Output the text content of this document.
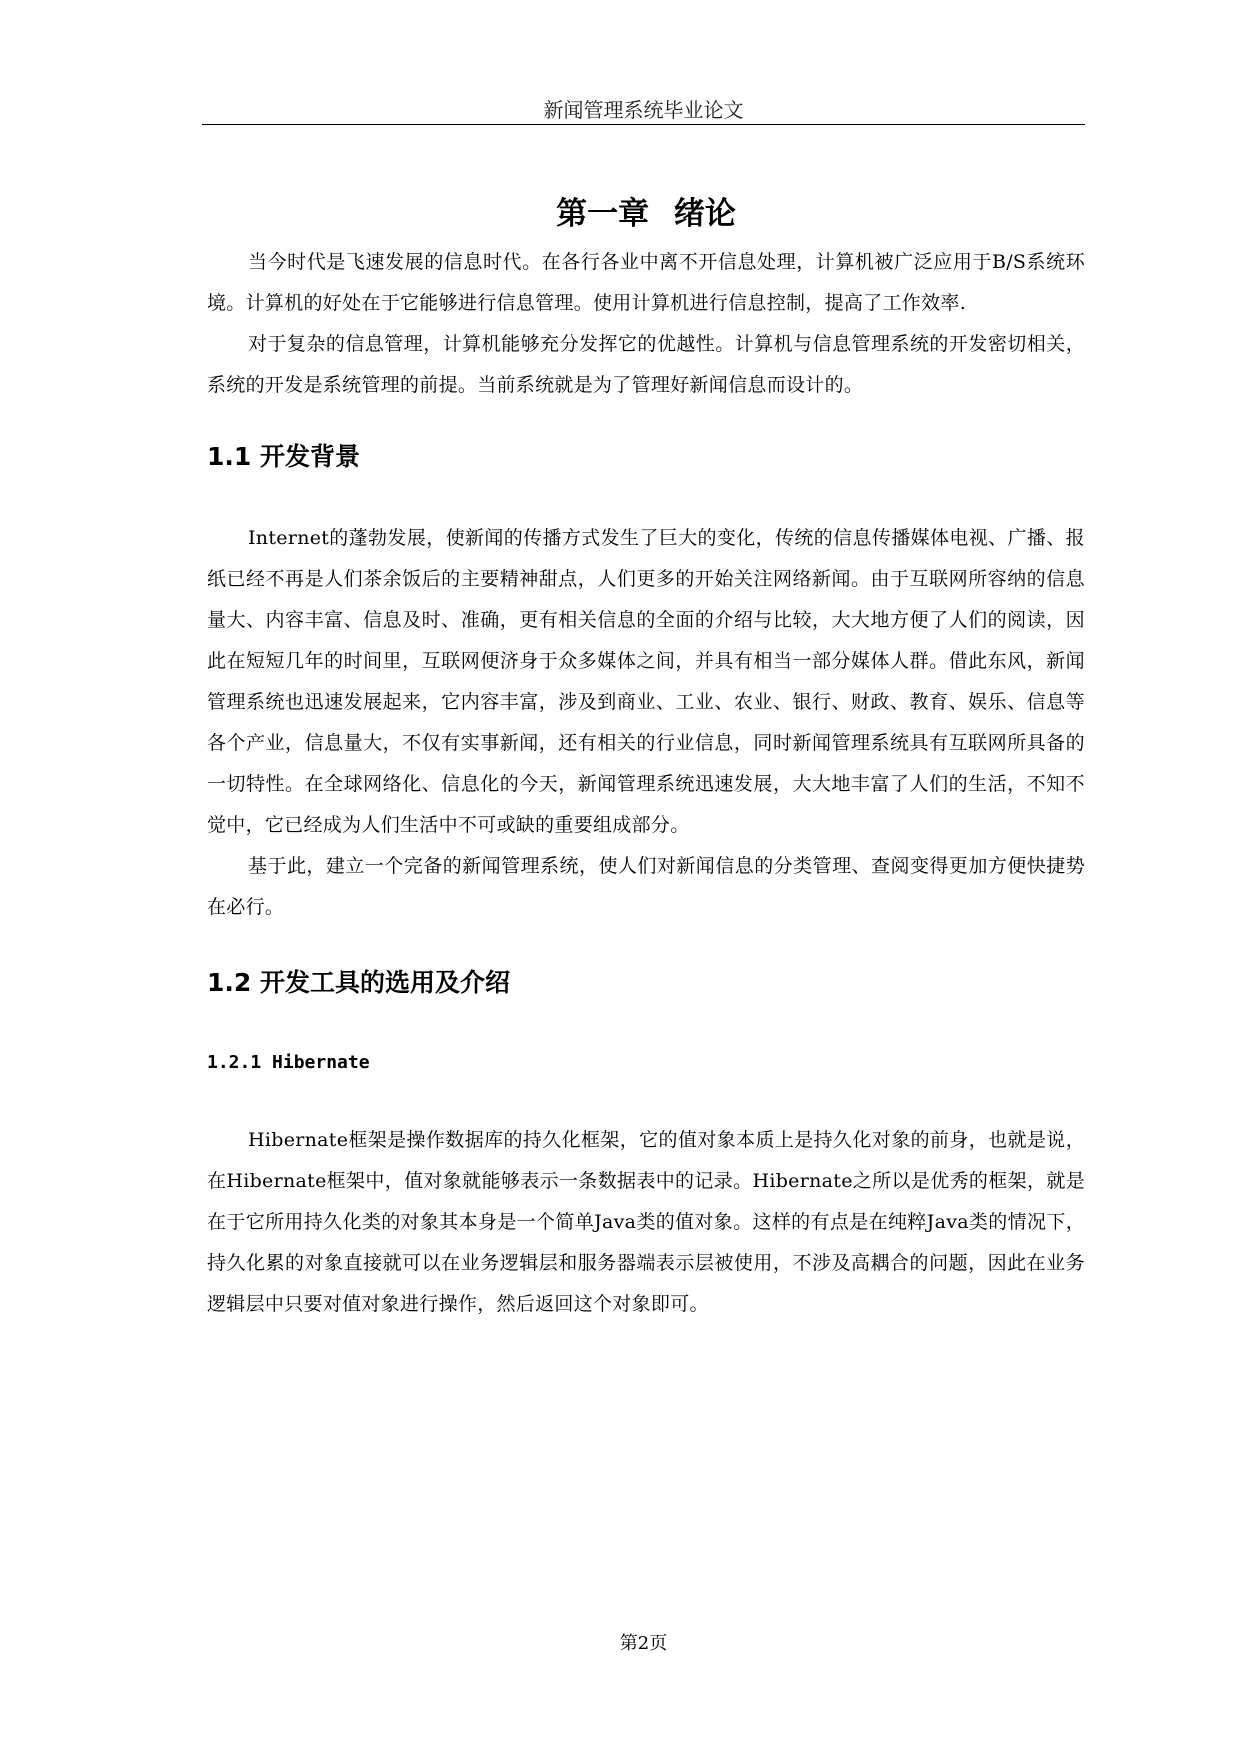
新闻管理系统毕业论文
第一章 绪论

当今时代是飞速发展的信息时代。在各行各业中离不开信息处理，计算机被广泛应用于B/S系统环境。计算机的好处在于它能够进行信息管理。使用计算机进行信息控制，提高了工作效率.

对于复杂的信息管理，计算机能够充分发挥它的优越性。计算机与信息管理系统的开发密切相关，系统的开发是系统管理的前提。当前系统就是为了管理好新闻信息而设计的。

1.1 开发背景

Internet的蓬勃发展，使新闻的传播方式发生了巨大的变化，传统的信息传播媒体电视、广播、报纸已经不再是人们茶余饭后的主要精神甜点，人们更多的开始关注网络新闻。由于互联网所容纳的信息量大、内容丰富、信息及时、准确，更有相关信息的全面的介绍与比较，大大地方便了人们的阅读，因此在短短几年的时间里，互联网便济身于众多媒体之间，并具有相当一部分媒体人群。借此东风，新闻管理系统也迅速发展起来，它内容丰富，涉及到商业、工业、农业、银行、财政、教育、娱乐、信息等各个产业，信息量大，不仅有实事新闻，还有相关的行业信息，同时新闻管理系统具有互联网所具备的一切特性。在全球网络化、信息化的今天，新闻管理系统迅速发展，大大地丰富了人们的生活，不知不觉中，它已经成为人们生活中不可或缺的重要组成部分。

基于此，建立一个完备的新闻管理系统，使人们对新闻信息的分类管理、查阅变得更加方便快捷势在必行。

1.2 开发工具的选用及介绍
1.2.1 Hibernate

Hibernate框架是操作数据库的持久化框架，它的值对象本质上是持久化对象的前身，也就是说，在Hibernate框架中，值对象就能够表示一条数据表中的记录。Hibernate之所以是优秀的框架，就是在于它所用持久化类的对象其本身是一个简单Java类的值对象。这样的有点是在纯粹Java类的情况下，持久化累的对象直接就可以在业务逻辑层和服务器端表示层被使用，不涉及高耦合的问题，因此在业务逻辑层中只要对值对象进行操作，然后返回这个对象即可。

第2页
